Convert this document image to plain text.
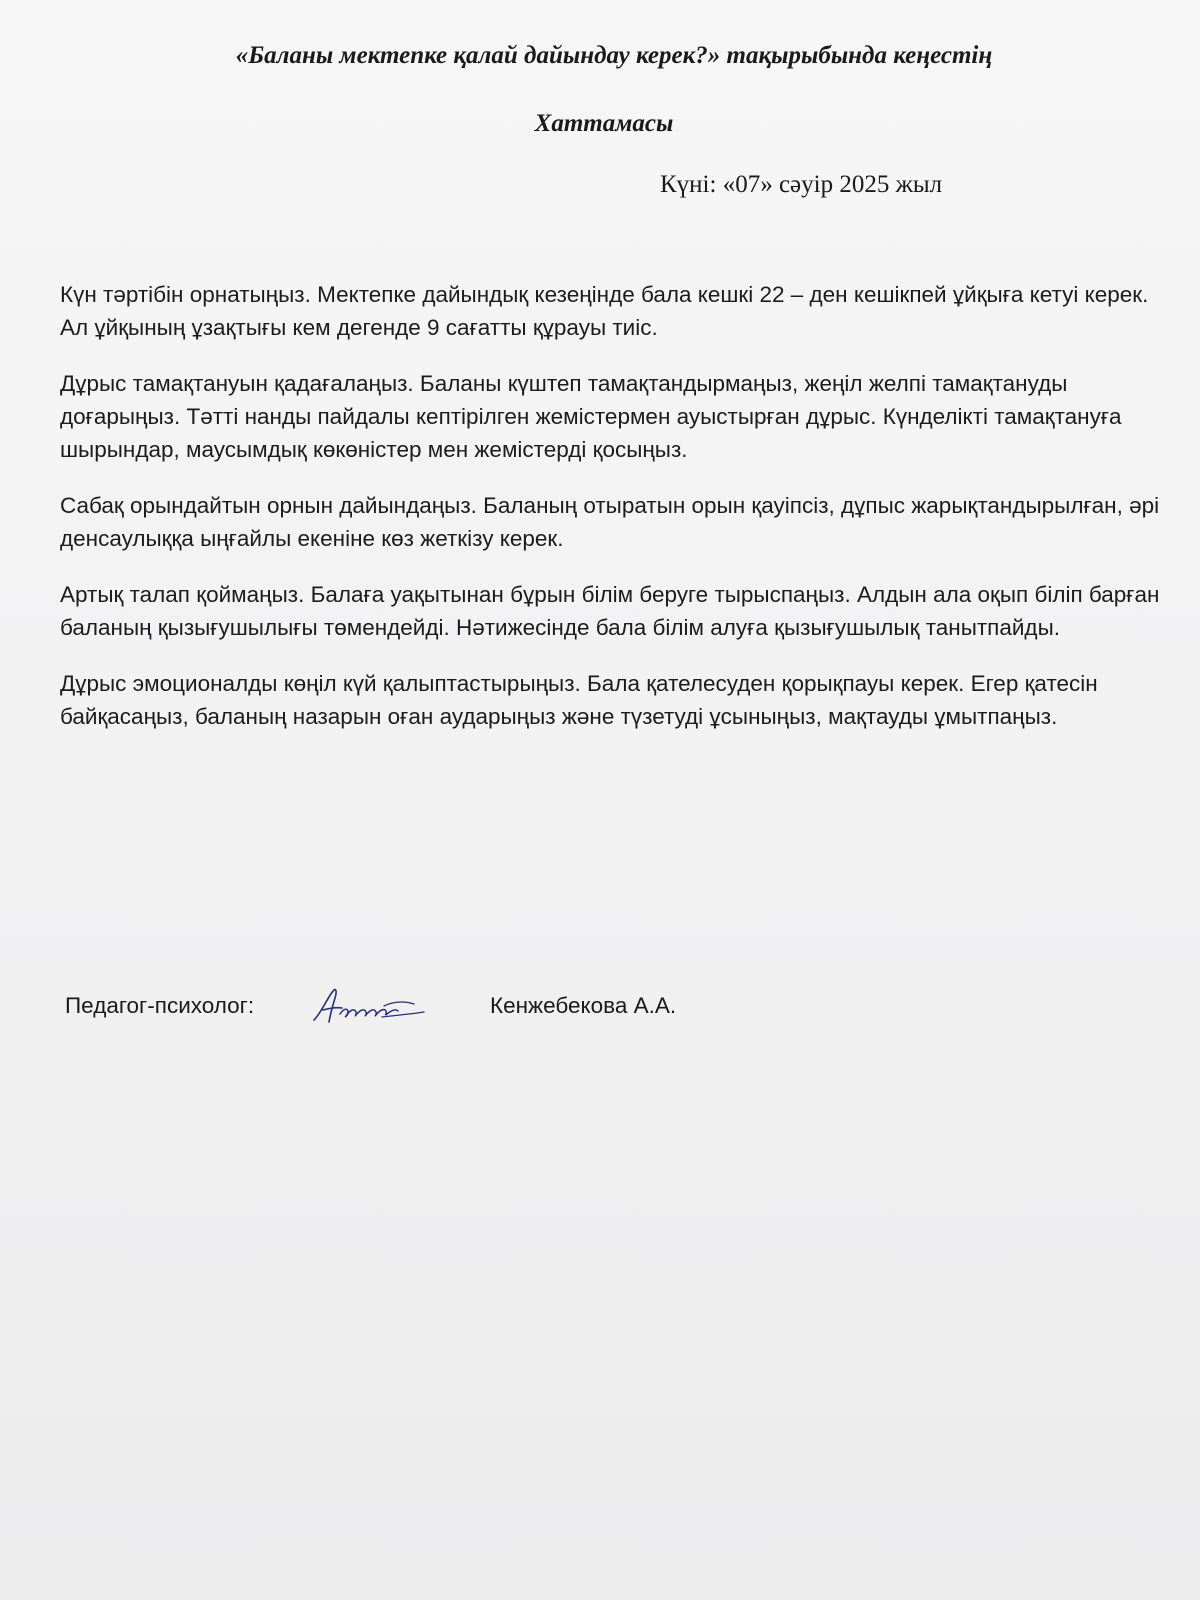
«Баланы мектепке қалай дайындау керек?» тақырыбында кеңестің
Хаттамасы
Күні: «07» сәуір 2025 жыл

Күн тәртібін орнатыңыз. Мектепке дайындық кезеңінде бала кешкі 22 – ден кешікпей ұйқыға кетуі керек. Ал ұйқының ұзақтығы кем дегенде 9 сағатты құрауы тиіс.

Дұрыс тамақтануын қадағалаңыз. Баланы күштеп тамақтандырмаңыз, жеңіл желпі тамақтануды доғарыңыз. Тәтті нанды пайдалы кептірілген жемістермен ауыстырған дұрыс. Күнделікті тамақтануға шырындар, маусымдық көкөністер мен жемістерді қосыңыз.

Сабақ орындайтын орнын дайындаңыз. Баланың отыратын орын қауіпсіз, дұпыс жарықтандырылған, әрі денсаулыққа ыңғайлы екеніне көз жеткізу керек.

Артық талап қоймаңыз. Балаға уақытынан бұрын білім беруге тырыспаңыз. Алдын ала оқып біліп барған баланың қызығушылығы төмендейді. Нәтижесінде бала білім алуға қызығушылық танытпайды.

Дұрыс эмоционалды көңіл күй қалыптастырыңыз. Бала қателесуден қорықпауы керек. Егер қатесін байқасаңыз, баланың назарын оған аударыңыз және түзетуді ұсыныңыз, мақтауды ұмытпаңыз.

Педагог-психолог:	Кенжебекова А.А.
